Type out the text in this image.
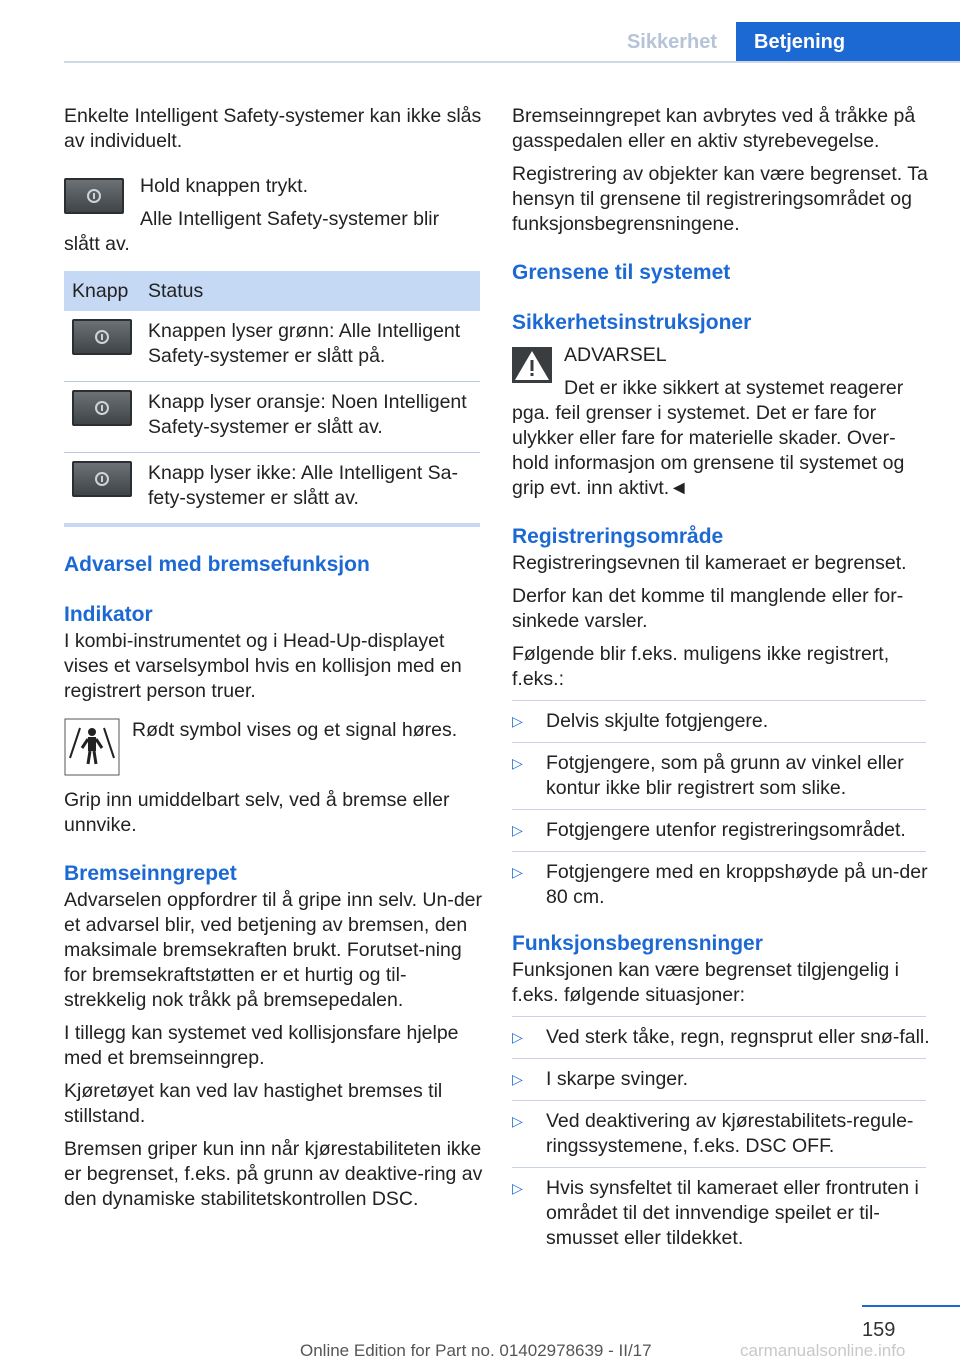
Sikkerhet	Betjening

Enkelte Intelligent Safety-systemer kan ikke slås av individuelt.

Hold knappen trykt.

Alle Intelligent Safety-systemer blir

slått av.

Knapp	Status

	Knappen lyser grønn: Alle Intelligent Safety-systemer er slått på.

	Knapp lyser oransje: Noen Intelligent Safety-systemer er slått av.

	Knapp lyser ikke: Alle Intelligent Sa-fety-systemer er slått av.

Advarsel med bremsefunksjon

Indikator

I kombi-instrumentet og i Head-Up-displayet vises et varselsymbol hvis en kollisjon med en registrert person truer.

Rødt symbol vises og et signal høres.

Grip inn umiddelbart selv, ved å bremse eller unnvike.

Bremseinngrepet

Advarselen oppfordrer til å gripe inn selv. Un-der et advarsel blir, ved betjening av bremsen, den maksimale bremsekraften brukt. Forutset-ning for bremsekraftstøtten er et hurtig og til-strekkelig nok tråkk på bremsepedalen.

I tillegg kan systemet ved kollisjonsfare hjelpe med et bremseinngrep.

Kjøretøyet kan ved lav hastighet bremses til stillstand.

Bremsen griper kun inn når kjørestabiliteten ikke er begrenset, f.eks. på grunn av deaktive-ring av den dynamiske stabilitetskontrollen DSC.

Bremseinngrepet kan avbrytes ved å tråkke på gasspedalen eller en aktiv styrebevegelse.

Registrering av objekter kan være begrenset. Ta hensyn til grensene til registreringsområdet og funksjonsbegrensningene.

Grensene til systemet

Sikkerhetsinstruksjoner

ADVARSEL

Det er ikke sikkert at systemet reagerer

pga. feil grenser i systemet. Det er fare for ulykker eller fare for materielle skader. Over-hold informasjon om grensene til systemet og grip evt. inn aktivt.◄

Registreringsområde

Registreringsevnen til kameraet er begrenset.

Derfor kan det komme til manglende eller for-sinkede varsler.

Følgende blir f.eks. muligens ikke registrert, f.eks.:

▷	Delvis skjulte fotgjengere.
▷	Fotgjengere, som på grunn av vinkel eller kontur ikke blir registrert som slike.
▷	Fotgjengere utenfor registreringsområdet.
▷	Fotgjengere med en kroppshøyde på un-der 80 cm.

Funksjonsbegrensninger

Funksjonen kan være begrenset tilgjengelig i f.eks. følgende situasjoner:

▷	Ved sterk tåke, regn, regnsprut eller snø-fall.
▷	I skarpe svinger.
▷	Ved deaktivering av kjørestabilitets-regule-ringssystemene, f.eks. DSC OFF.
▷	Hvis synsfeltet til kameraet eller frontruten i området til det innvendige speilet er til-smusset eller tildekket.
159
Online Edition for Part no. 01402978639 - II/17	carmanualsonline.info
